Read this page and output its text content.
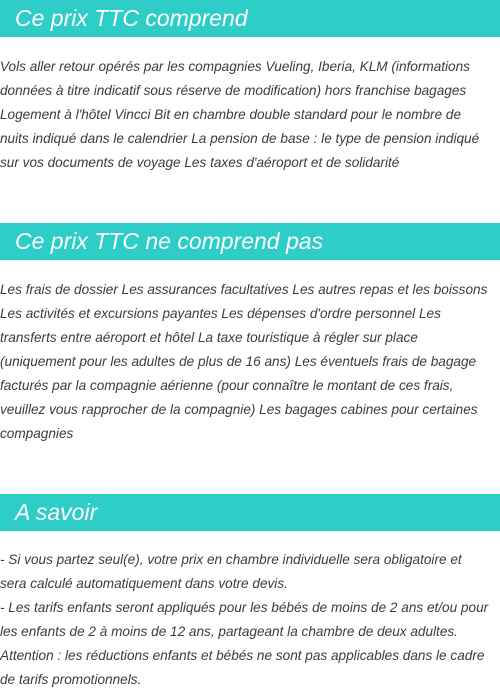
Ce prix TTC comprend
Vols aller retour opérés par les compagnies Vueling, Iberia, KLM (informations
données à titre indicatif sous réserve de modification) hors franchise bagages
Logement à l'hôtel Vincci Bit en chambre double standard pour le nombre de
nuits indiqué dans le calendrier La pension de base : le type de pension indiqué
sur vos documents de voyage Les taxes d'aéroport et de solidarité
Ce prix TTC ne comprend pas
Les frais de dossier Les assurances facultatives Les autres repas et les boissons
Les activités et excursions payantes Les dépenses d'ordre personnel Les
transferts entre aéroport et hôtel La taxe touristique à régler sur place
(uniquement pour les adultes de plus de 16 ans) Les éventuels frais de bagage
facturés par la compagnie aérienne (pour connaître le montant de ces frais,
veuillez vous rapprocher de la compagnie) Les bagages cabines pour certaines
compagnies
A savoir
- Si vous partez seul(e), votre prix en chambre individuelle sera obligatoire et
sera calculé automatiquement dans votre devis.
- Les tarifs enfants seront appliqués pour les bébés de moins de 2 ans et/ou pour
les enfants de 2 à moins de 12 ans, partageant la chambre de deux adultes.
Attention : les réductions enfants et bébés ne sont pas applicables dans le cadre
de tarifs promotionnels.
